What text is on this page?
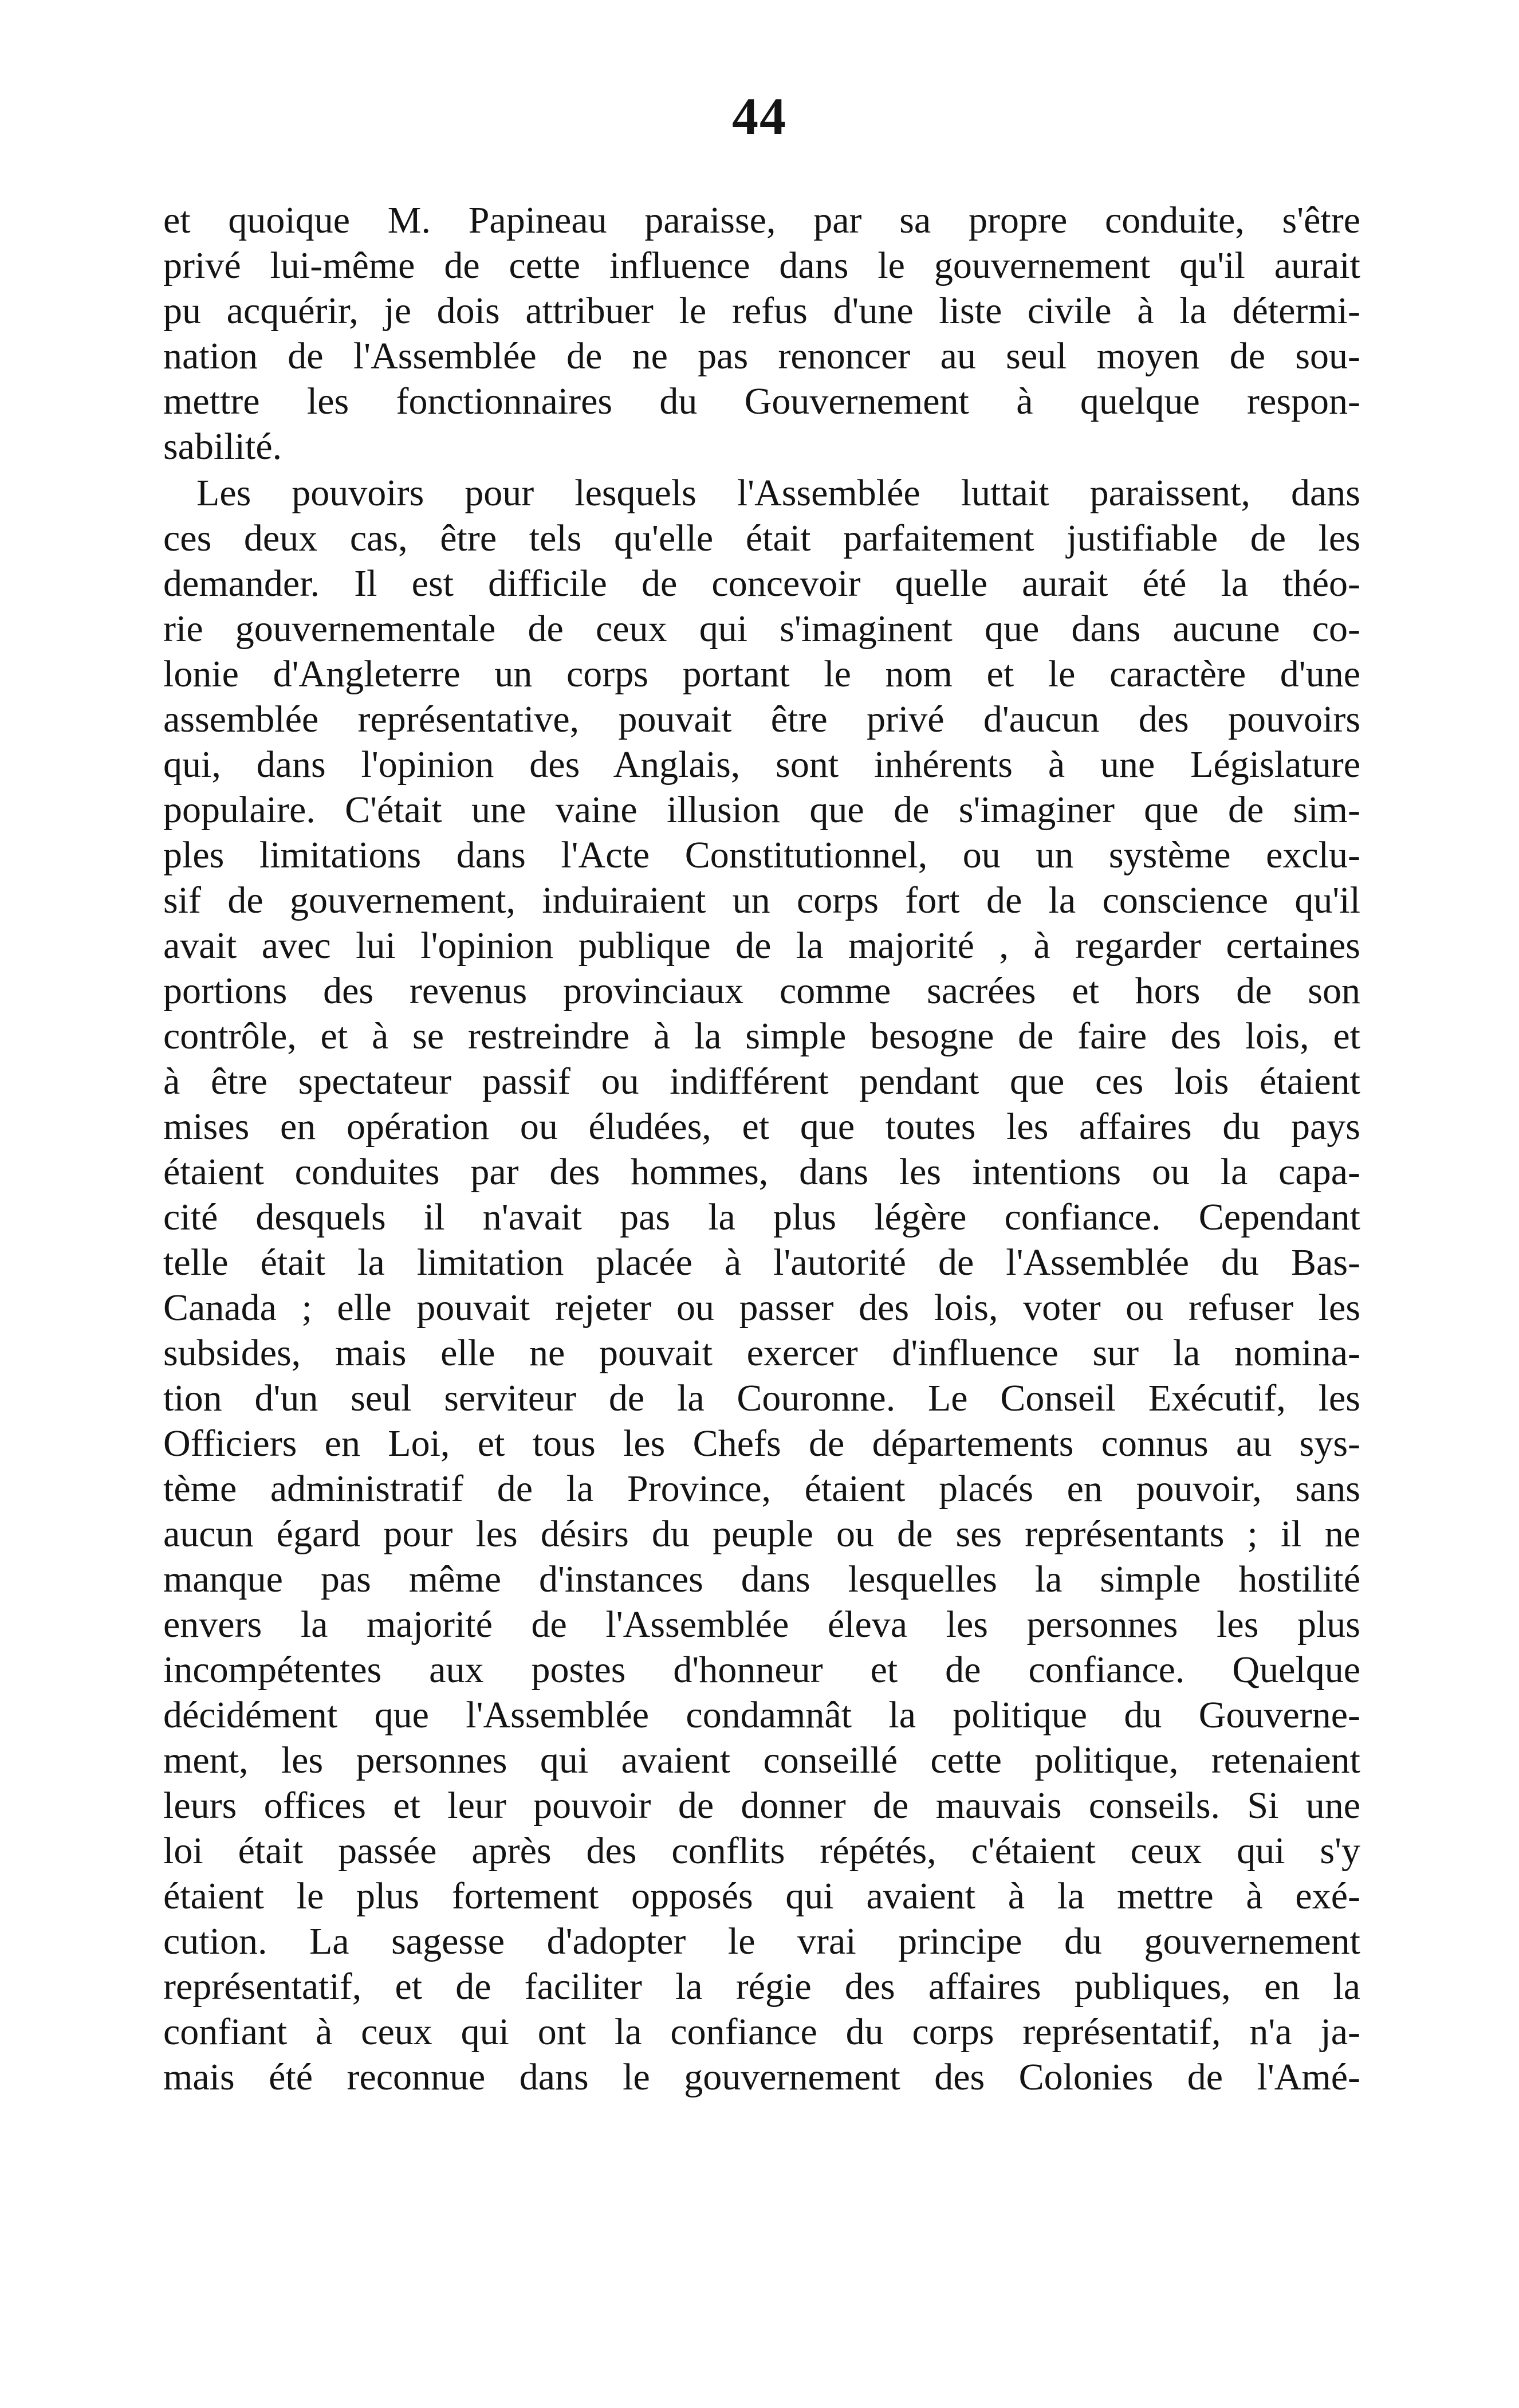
44
et quoique M. Papineau paraisse, par sa propre conduite, s'être
privé lui-même de cette influence dans le gouvernement qu'il aurait
pu acquérir, je dois attribuer le refus d'une liste civile à la détermi-
nation de l'Assemblée de ne pas renoncer au seul moyen de sou-
mettre les fonctionnaires du Gouvernement à quelque respon-
sabilité.
Les pouvoirs pour lesquels l'Assemblée luttait paraissent, dans
ces deux cas, être tels qu'elle était parfaitement justifiable de les
demander. Il est difficile de concevoir quelle aurait été la théo-
rie gouvernementale de ceux qui s'imaginent que dans aucune co-
lonie d'Angleterre un corps portant le nom et le caractère d'une
assemblée représentative, pouvait être privé d'aucun des pouvoirs
qui, dans l'opinion des Anglais, sont inhérents à une Législature
populaire. C'était une vaine illusion que de s'imaginer que de sim-
ples limitations dans l'Acte Constitutionnel, ou un système exclu-
sif de gouvernement, induiraient un corps fort de la conscience qu'il
avait avec lui l'opinion publique de la majorité , à regarder certaines
portions des revenus provinciaux comme sacrées et hors de son
contrôle, et à se restreindre à la simple besogne de faire des lois, et
à être spectateur passif ou indifférent pendant que ces lois étaient
mises en opération ou éludées, et que toutes les affaires du pays
étaient conduites par des hommes, dans les intentions ou la capa-
cité desquels il n'avait pas la plus légère confiance. Cependant
telle était la limitation placée à l'autorité de l'Assemblée du Bas-
Canada ; elle pouvait rejeter ou passer des lois, voter ou refuser les
subsides, mais elle ne pouvait exercer d'influence sur la nomina-
tion d'un seul serviteur de la Couronne. Le Conseil Exécutif, les
Officiers en Loi, et tous les Chefs de départements connus au sys-
tème administratif de la Province, étaient placés en pouvoir, sans
aucun égard pour les désirs du peuple ou de ses représentants ; il ne
manque pas même d'instances dans lesquelles la simple hostilité
envers la majorité de l'Assemblée éleva les personnes les plus
incompétentes aux postes d'honneur et de confiance. Quelque
décidément que l'Assemblée condamnât la politique du Gouverne-
ment, les personnes qui avaient conseillé cette politique, retenaient
leurs offices et leur pouvoir de donner de mauvais conseils. Si une
loi était passée après des conflits répétés, c'étaient ceux qui s'y
étaient le plus fortement opposés qui avaient à la mettre à exé-
cution. La sagesse d'adopter le vrai principe du gouvernement
représentatif, et de faciliter la régie des affaires publiques, en la
confiant à ceux qui ont la confiance du corps représentatif, n'a ja-
mais été reconnue dans le gouvernement des Colonies de l'Amé-
